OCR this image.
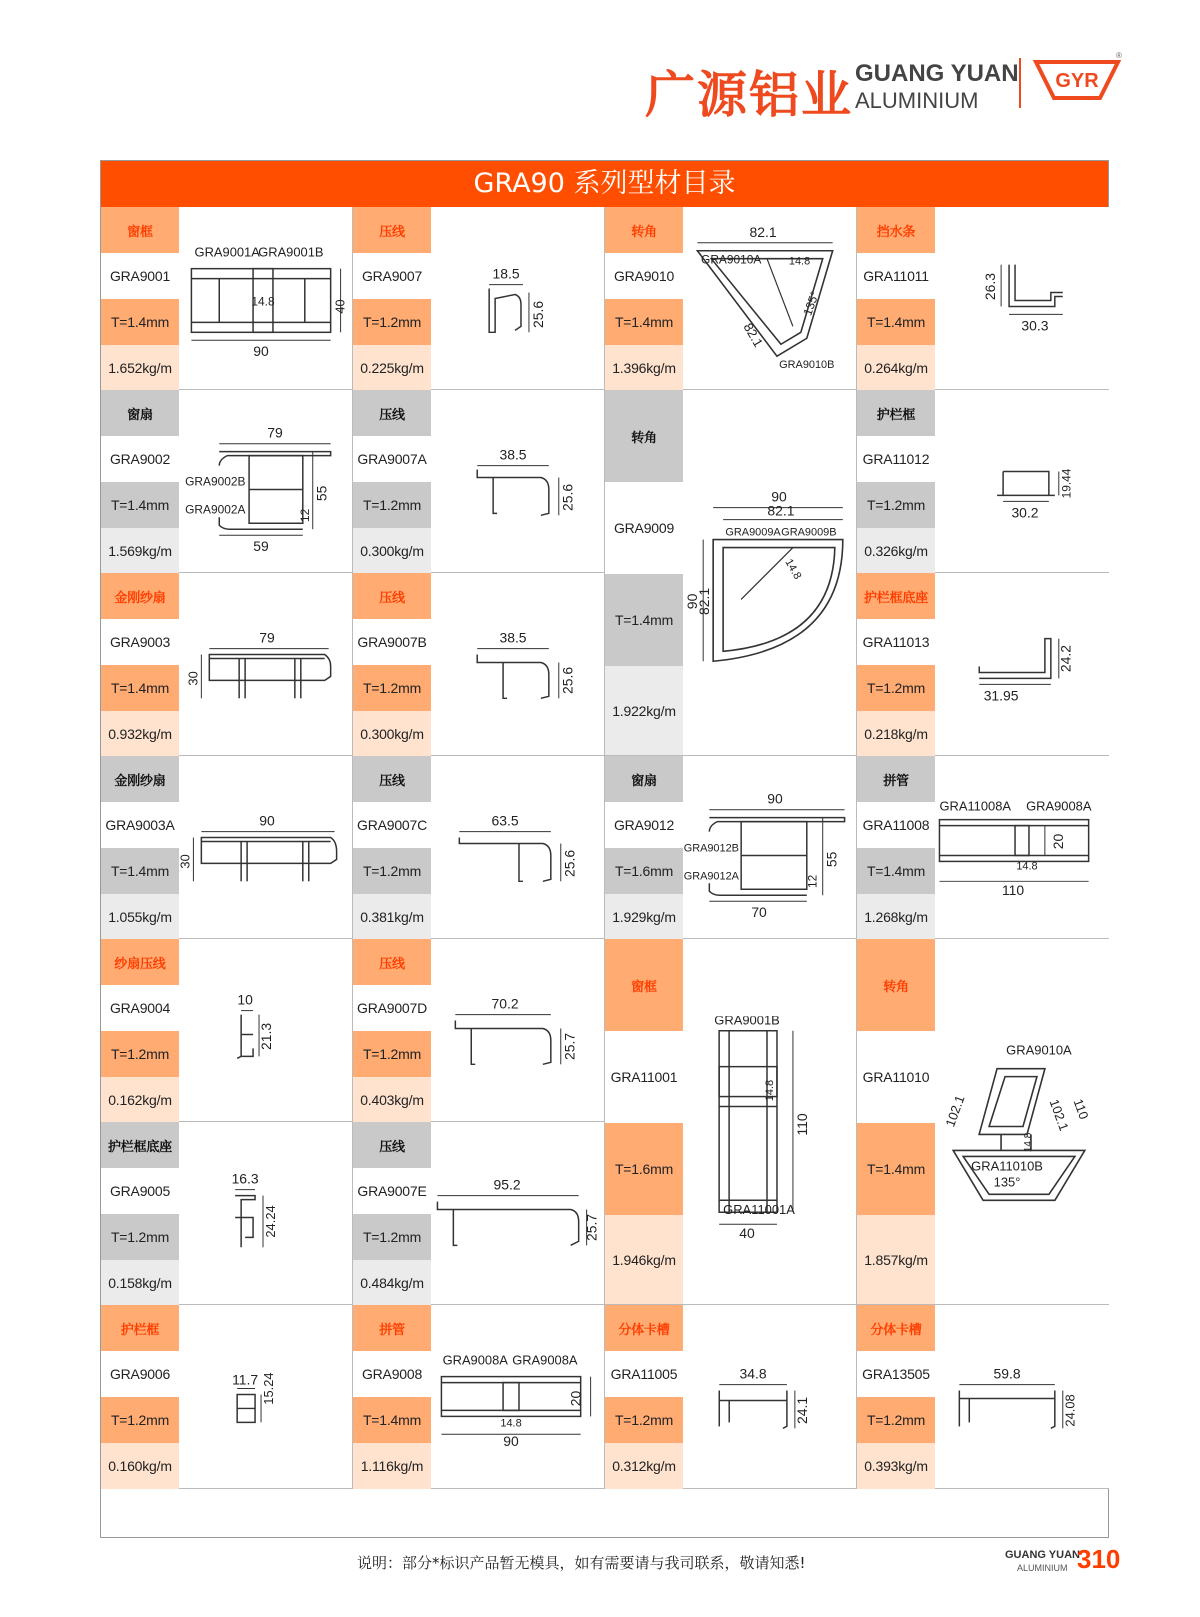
广源铝业 GUANG YUAN
ALUMINIUM
GYR
®
GRA90 系列型材目录
窗框
GRA9001
T=1.4mm
1.652kg/m
GRA9001A
GRA9001B
14.8	40
90
压线
GRA9007
T=1.2mm
0.225kg/m
18.5
25.6
转角
GRA9010
T=1.4mm
1.396kg/m
82.1
GRA9010A	14.8
135°
82.1
GRA9010B
挡水条
GRA11011
T=1.4mm
0.264kg/m
26.3
30.3
窗扇
GRA9002
T=1.4mm
1.569kg/m
79
GRA9002B
GRA9002A	12
55
59
压线
GRA9007A
T=1.2mm
0.300kg/m
38.5
25.6
转角
GRA9009
T=1.4mm
1.922kg/m
90
82.1
GRA9009A GRA9009B
14.8
90
82.1
护栏框
GRA11012
T=1.2mm
0.326kg/m
30.2
19.44
金刚纱扇
GRA9003
T=1.4mm
0.932kg/m
79
30
压线
GRA9007B
T=1.2mm
0.300kg/m
38.5
25.6
护栏框底座
GRA11013
T=1.2mm
0.218kg/m
31.95
24.2
金刚纱扇
GRA9003A
T=1.4mm
1.055kg/m
90
30
压线
GRA9007C
T=1.2mm
0.381kg/m
63.5
25.6
窗扇
GRA9012
T=1.6mm
1.929kg/m
90
GRA9012B
GRA9012A	12
55
70
拼管
GRA11008
T=1.4mm
1.268kg/m
GRA11008A GRA9008A
20
14.8
110
纱扇压线
GRA9004
T=1.2mm
0.162kg/m
10
21.3
压线
GRA9007D
T=1.2mm
0.403kg/m
70.2
25.7
窗框
GRA11001
T=1.6mm
1.946kg/m
GRA9001B
14.8
110
GRA11001A
40
转角
GRA11010
T=1.4mm
1.857kg/m
GRA9010A
102.1	102.1
110
14.8
GRA11010B
135°
护栏框底座
GRA9005
T=1.2mm
0.158kg/m
16.3
24.24
压线
GRA9007E
T=1.2mm
0.484kg/m
95.2
25.7
护栏框
GRA9006
T=1.2mm
0.160kg/m
11.7 15.24
拼管
GRA9008
T=1.4mm
1.116kg/m
GRA9008A GRA9008A
20
14.8
90
分体卡槽
GRA11005
T=1.2mm
0.312kg/m
34.8
24.1
分体卡槽
GRA13505
T=1.2mm
0.393kg/m
59.8
24.08
说明：部分*标识产品暂无模具，如有需要请与我司联系，敬请知悉!	GUANG YUAN
ALUMINIUM 310
